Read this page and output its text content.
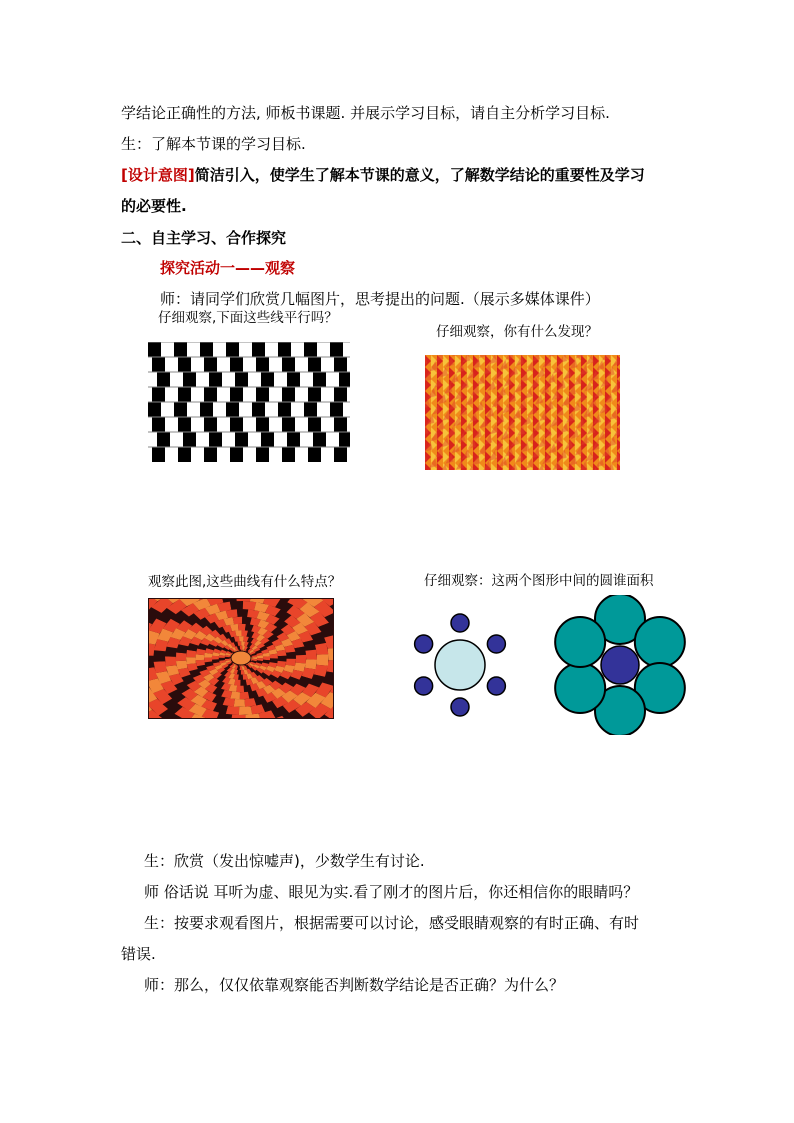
学结论正确性的方法, 师板书课题. 并展示学习目标，请自主分析学习目标.
生：了解本节课的学习目标.
[设计意图]简洁引入，使学生了解本节课的意义，了解数学结论的重要性及学习
的必要性.
二、自主学习、合作探究
探究活动一——观察
师：请同学们欣赏几幅图片，思考提出的问题.（展示多媒体课件）
仔细观察,下面这些线平行吗？
仔细观察，你有什么发现？
观察此图,这些曲线有什么特点？	仔细观察：这两个图形中间的圆谁面积
生：欣赏（发出惊嘘声)，少数学生有讨论.
师 俗话说 耳听为虚、眼见为实.看了刚才的图片后，你还相信你的眼睛吗？
生：按要求观看图片，根据需要可以讨论，感受眼睛观察的有时正确、有时
错误.
师：那么，仅仅依靠观察能否判断数学结论是否正确？为什么？
